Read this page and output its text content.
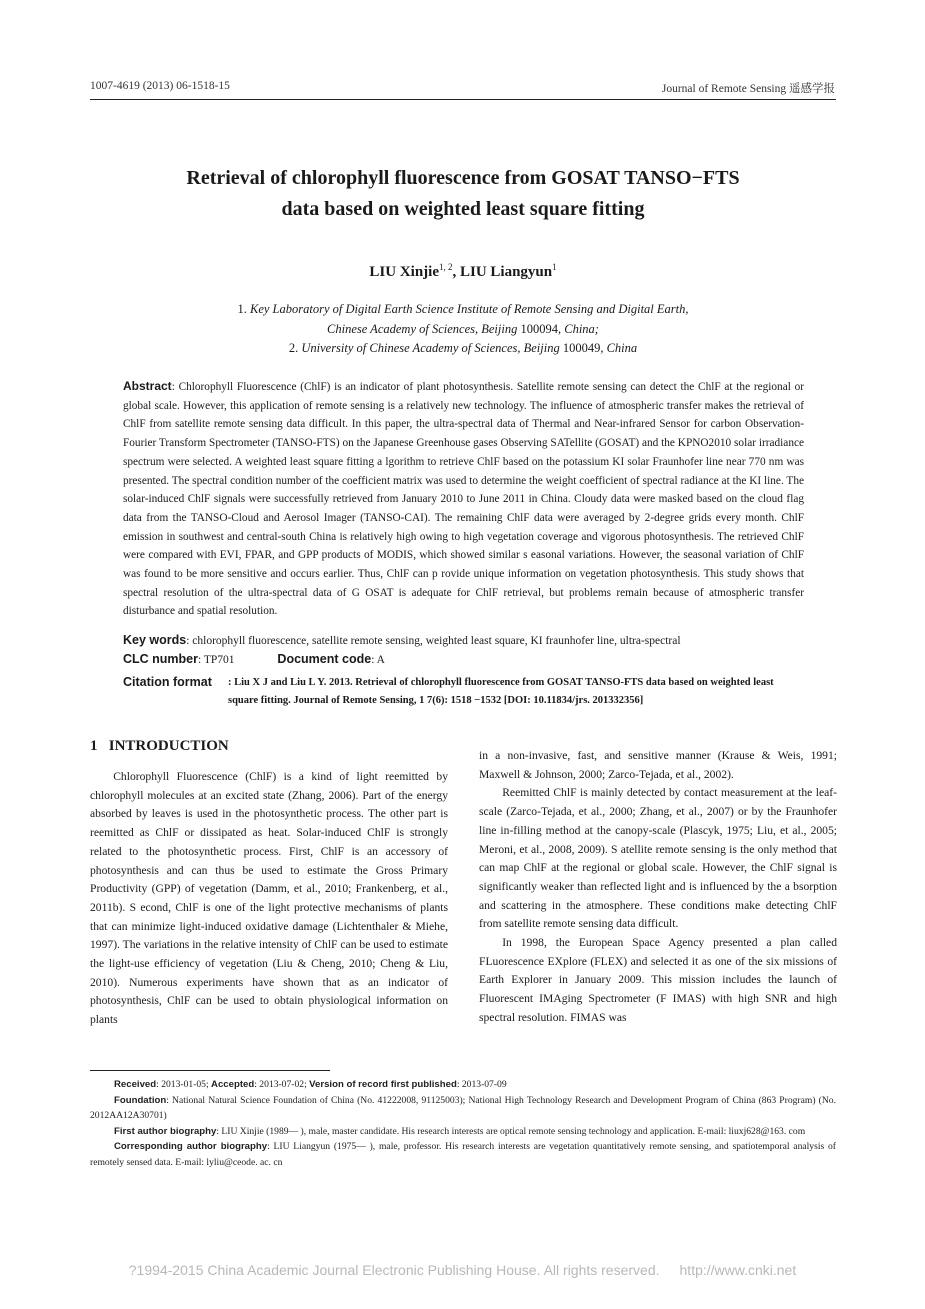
1007-4619 (2013) 06-1518-15	Journal of Remote Sensing 遥感学报
Retrieval of chlorophyll fluorescence from GOSAT TANSO−FTS
data based on weighted least square fitting
LIU Xinjie$^{1, 2}$, LIU Liangyun$^1$
1. Key Laboratory of Digital Earth Science Institute of Remote Sensing and Digital Earth,
Chinese Academy of Sciences, Beijing 100094, China;
2. University of Chinese Academy of Sciences, Beijing 100049, China
Abstract: Chlorophyll Fluorescence (ChlF) is an indicator of plant photosynthesis. Satellite remote sensing can detect the ChlF at the regional or global scale. However, this application of remote sensing is a relatively new technology. The influence of atmospheric transfer makes the retrieval of ChlF from satellite remote sensing data difficult. In this paper, the ultra-spectral data of Thermal and Near-infrared Sensor for carbon Observation-Fourier Transform Spectrometer (TANSO-FTS) on the Japanese Greenhouse gases Observing SATellite (GOSAT) and the KPNO2010 solar irradiance spectrum were selected. A weighted least square fitting a lgorithm to retrieve ChlF based on the potassium KI solar Fraunhofer line near 770 nm was presented. The spectral condition number of the coefficient matrix was used to determine the weight coefficient of spectral radiance at the KI line. The solar-induced ChlF signals were successfully retrieved from January 2010 to June 2011 in China. Cloudy data were masked based on the cloud flag data from the TANSO-Cloud and Aerosol Imager (TANSO-CAI). The remaining ChlF data were averaged by 2-degree grids every month. ChlF emission in southwest and central-south China is relatively high owing to high vegetation coverage and vigorous photosynthesis. The retrieved ChlF were compared with EVI, FPAR, and GPP products of MODIS, which showed similar s easonal variations. However, the seasonal variation of ChlF was found to be more sensitive and occurs earlier. Thus, ChlF can p rovide unique information on vegetation photosynthesis. This study shows that spectral resolution of the ultra-spectral data of G OSAT is adequate for ChlF retrieval, but problems remain because of atmospheric transfer disturbance and spatial resolution.
Key words: chlorophyll fluorescence, satellite remote sensing, weighted least square, KI fraunhofer line, ultra-spectral
CLC number: TP701	Document code: A
Citation format : Liu X J and Liu L Y. 2013. Retrieval of chlorophyll fluorescence from GOSAT TANSO-FTS data based on weighted least square fitting. Journal of Remote Sensing, 1 7(6): 1518 −1532 [DOI: 10.11834/jrs. 201332356]
1 INTRODUCTION

Chlorophyll Fluorescence (ChlF) is a kind of light reemitted by chlorophyll molecules at an excited state (Zhang, 2006). Part of the energy absorbed by leaves is used in the photosynthetic process. The other part is reemitted as ChlF or dissipated as heat. Solar-induced ChlF is strongly related to the photosynthetic process. First, ChlF is an accessory of photosynthesis and can thus be used to estimate the Gross Primary Productivity (GPP) of vegetation (Damm, et al., 2010; Frankenberg, et al., 2011b). S econd, ChlF is one of the light protective mechanisms of plants that can minimize light-induced oxidative damage (Lichtenthaler & Miehe, 1997). The variations in the relative intensity of ChlF can be used to estimate the light-use efficiency of vegetation (Liu & Cheng, 2010; Cheng & Liu, 2010). Numerous experiments have shown that as an indicator of photosynthesis, ChlF can be used to obtain physiological information on plants

in a non-invasive, fast, and sensitive manner (Krause & Weis, 1991; Maxwell & Johnson, 2000; Zarco-Tejada, et al., 2002).

Reemitted ChlF is mainly detected by contact measurement at the leaf-scale (Zarco-Tejada, et al., 2000; Zhang, et al., 2007) or by the Fraunhofer line in-filling method at the canopy-scale (Plascyk, 1975; Liu, et al., 2005; Meroni, et al., 2008, 2009). S atellite remote sensing is the only method that can map ChlF at the regional or global scale. However, the ChlF signal is significantly weaker than reflected light and is influenced by the a bsorption and scattering in the atmosphere. These conditions make detecting ChlF from satellite remote sensing data difficult.

In 1998, the European Space Agency presented a plan called FLuorescence EXplore (FLEX) and selected it as one of the six missions of Earth Explorer in January 2009. This mission includes the launch of Fluorescent IMAging Spectrometer (F IMAS) with high SNR and high spectral resolution. FIMAS was

Received: 2013-01-05; Accepted: 2013-07-02; Version of record first published: 2013-07-09

Foundation: National Natural Science Foundation of China (No. 41222008, 91125003); National High Technology Research and Development Program of China (863 Program) (No. 2012AA12A30701)

First author biography: LIU Xinjie (1989— ), male, master candidate. His research interests are optical remote sensing technology and application. E-mail: liuxj628@163. com

Corresponding author biography: LIU Liangyun (1975— ), male, professor. His research interests are vegetation quantitatively remote sensing, and spatiotemporal analysis of remotely sensed data. E-mail: lyliu@ceode. ac. cn

?1994-2015 China Academic Journal Electronic Publishing House. All rights reserved. http://www.cnki.net
